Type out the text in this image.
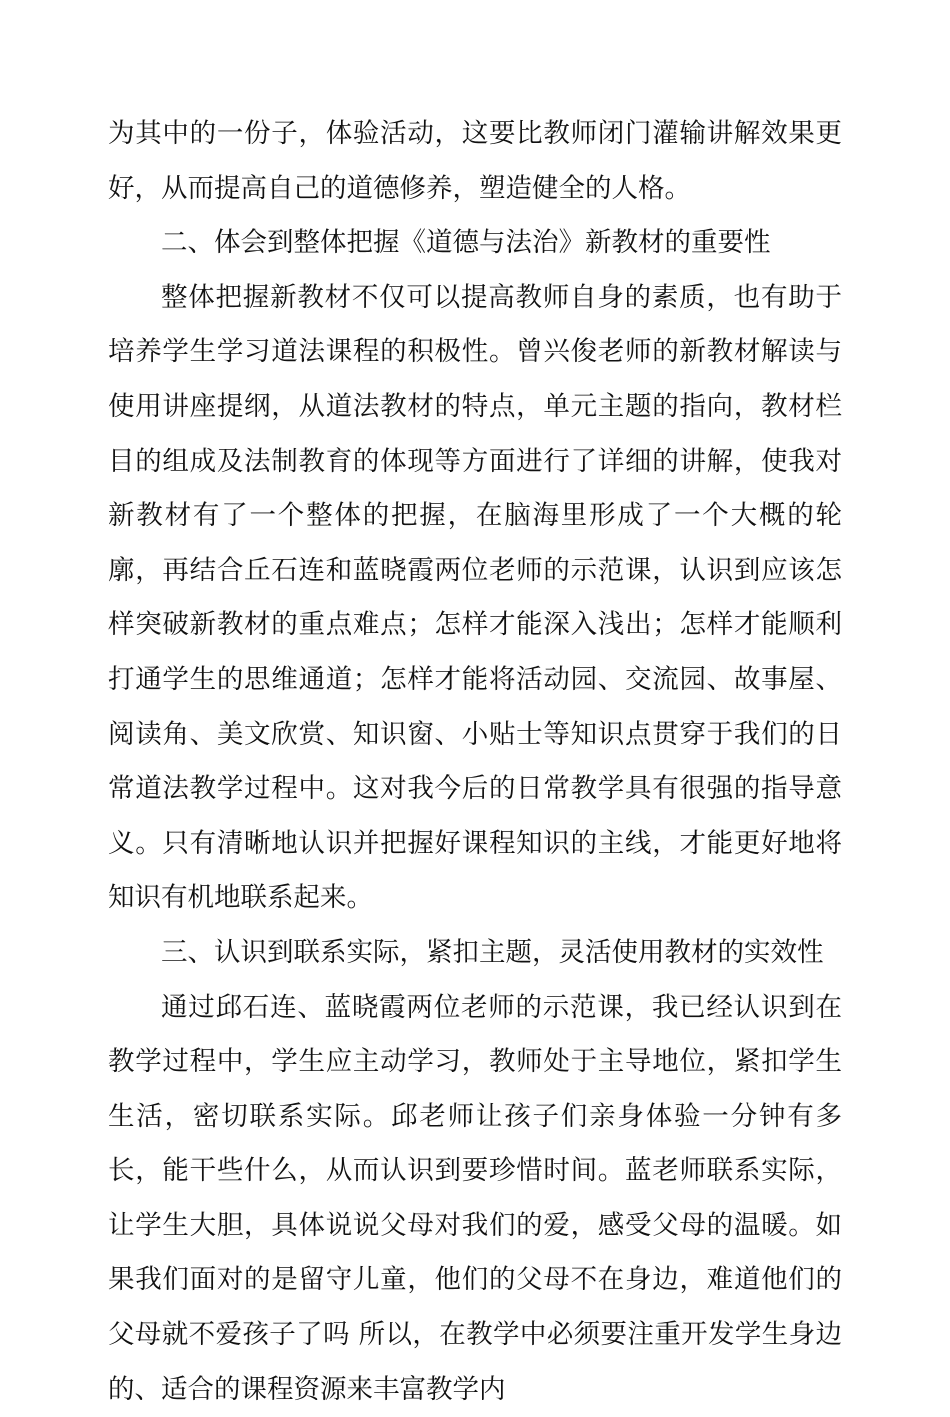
为其中的一份子，体验活动，这要比教师闭门灌输讲解效果更好，从而提高自己的道德修养，塑造健全的人格。

二、体会到整体把握《道德与法治》新教材的重要性

整体把握新教材不仅可以提高教师自身的素质，也有助于培养学生学习道法课程的积极性。曾兴俊老师的新教材解读与使用讲座提纲，从道法教材的特点，单元主题的指向，教材栏目的组成及法制教育的体现等方面进行了详细的讲解，使我对新教材有了一个整体的把握，在脑海里形成了一个大概的轮廓，再结合丘石连和蓝晓霞两位老师的示范课，认识到应该怎样突破新教材的重点难点；怎样才能深入浅出；怎样才能顺利打通学生的思维通道；怎样才能将活动园、交流园、故事屋、阅读角、美文欣赏、知识窗、小贴士等知识点贯穿于我们的日常道法教学过程中。这对我今后的日常教学具有很强的指导意义。只有清晰地认识并把握好课程知识的主线，才能更好地将知识有机地联系起来。

三、认识到联系实际，紧扣主题，灵活使用教材的实效性

通过邱石连、蓝晓霞两位老师的示范课，我已经认识到在教学过程中，学生应主动学习，教师处于主导地位，紧扣学生生活，密切联系实际。邱老师让孩子们亲身体验一分钟有多长，能干些什么，从而认识到要珍惜时间。蓝老师联系实际，让学生大胆，具体说说父母对我们的爱，感受父母的温暖。如果我们面对的是留守儿童，他们的父母不在身边，难道他们的父母就不爱孩子了吗 所以，在教学中必须要注重开发学生身边的、适合的课程资源来丰富教学内
